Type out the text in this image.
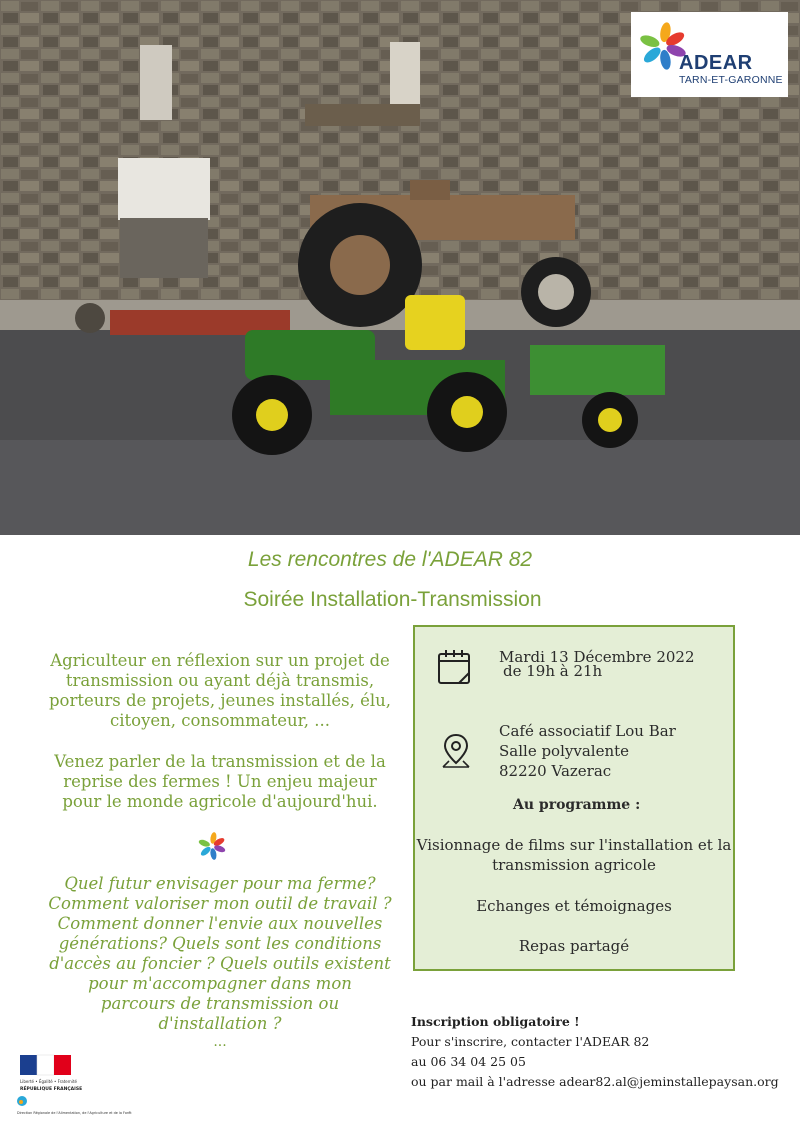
ADEAR
TARN-ET-GARONNE
Les rencontres de l'ADEAR 82
Soirée Installation-Transmission
Agriculteur en réflexion sur un projet de
transmission ou ayant déjà transmis,
porteurs de projets, jeunes installés, élu,
citoyen, consommateur, ...
Venez parler de la transmission et de la
reprise des fermes ! Un enjeu majeur
pour le monde agricole d'aujourd'hui.
Quel futur envisager pour ma ferme?
Comment valoriser mon outil de travail ?
Comment donner l'envie aux nouvelles
générations? Quels sont les conditions
d'accès au foncier ? Quels outils existent
pour m'accompagner dans mon
parcours de transmission ou
d'installation ?
...
Mardi 13 Décembre 2022
de 19h à 21h
Café associatif Lou Bar
Salle polyvalente
82220 Vazerac
Au programme :
Visionnage de films sur l'installation et la
transmission agricole
Echanges et témoignages
Repas partagé
Inscription obligatoire !
Pour s'inscrire, contacter l'ADEAR 82
au 06 34 04 25 05
ou par mail à l'adresse adear82.al@jeminstallepaysan.org
Liberté • Égalité • Fraternité
RÉPUBLIQUE FRANÇAISE
Direction Régionale de l'Alimentation, de l'Agriculture et de la Forêt
